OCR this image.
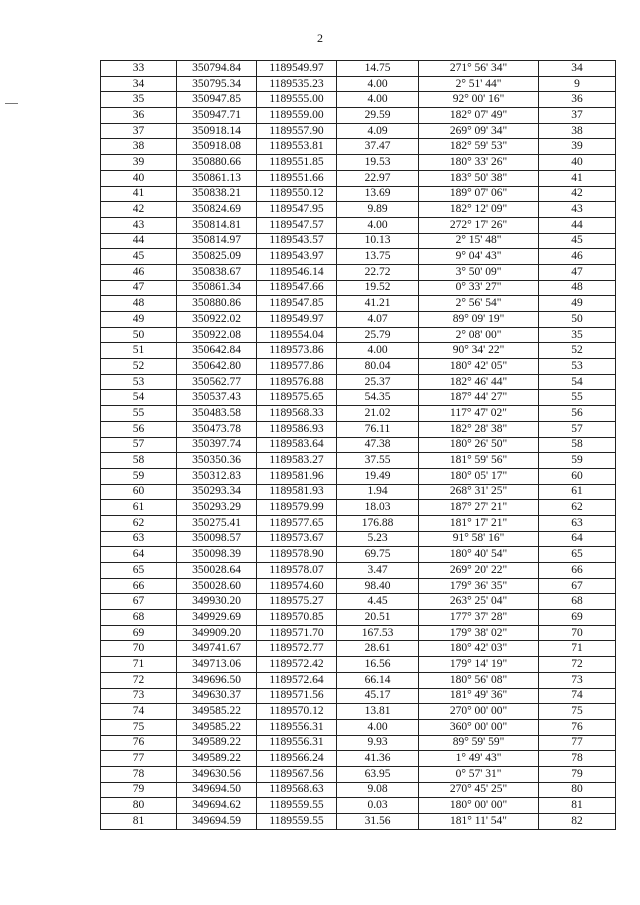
2
33	350794.84	1189549.97	14.75	271° 56' 34"	34
34	350795.34	1189535.23	4.00	2° 51' 44"	9
35	350947.85	1189555.00	4.00	92° 00' 16"	36
36	350947.71	1189559.00	29.59	182° 07' 49"	37
37	350918.14	1189557.90	4.09	269° 09' 34"	38
38	350918.08	1189553.81	37.47	182° 59' 53"	39
39	350880.66	1189551.85	19.53	180° 33' 26"	40
40	350861.13	1189551.66	22.97	183° 50' 38"	41
41	350838.21	1189550.12	13.69	189° 07' 06"	42
42	350824.69	1189547.95	9.89	182° 12' 09"	43
43	350814.81	1189547.57	4.00	272° 17' 26"	44
44	350814.97	1189543.57	10.13	2° 15' 48"	45
45	350825.09	1189543.97	13.75	9° 04' 43"	46
46	350838.67	1189546.14	22.72	3° 50' 09"	47
47	350861.34	1189547.66	19.52	0° 33' 27"	48
48	350880.86	1189547.85	41.21	2° 56' 54"	49
49	350922.02	1189549.97	4.07	89° 09' 19"	50
50	350922.08	1189554.04	25.79	2° 08' 00"	35
51	350642.84	1189573.86	4.00	90° 34' 22"	52
52	350642.80	1189577.86	80.04	180° 42' 05"	53
53	350562.77	1189576.88	25.37	182° 46' 44"	54
54	350537.43	1189575.65	54.35	187° 44' 27"	55
55	350483.58	1189568.33	21.02	117° 47' 02"	56
56	350473.78	1189586.93	76.11	182° 28' 38"	57
57	350397.74	1189583.64	47.38	180° 26' 50"	58
58	350350.36	1189583.27	37.55	181° 59' 56"	59
59	350312.83	1189581.96	19.49	180° 05' 17"	60
60	350293.34	1189581.93	1.94	268° 31' 25"	61
61	350293.29	1189579.99	18.03	187° 27' 21"	62
62	350275.41	1189577.65	176.88	181° 17' 21"	63
63	350098.57	1189573.67	5.23	91° 58' 16"	64
64	350098.39	1189578.90	69.75	180° 40' 54"	65
65	350028.64	1189578.07	3.47	269° 20' 22"	66
66	350028.60	1189574.60	98.40	179° 36' 35"	67
67	349930.20	1189575.27	4.45	263° 25' 04"	68
68	349929.69	1189570.85	20.51	177° 37' 28"	69
69	349909.20	1189571.70	167.53	179° 38' 02"	70
70	349741.67	1189572.77	28.61	180° 42' 03"	71
71	349713.06	1189572.42	16.56	179° 14' 19"	72
72	349696.50	1189572.64	66.14	180° 56' 08"	73
73	349630.37	1189571.56	45.17	181° 49' 36"	74
74	349585.22	1189570.12	13.81	270° 00' 00"	75
75	349585.22	1189556.31	4.00	360° 00' 00"	76
76	349589.22	1189556.31	9.93	89° 59' 59"	77
77	349589.22	1189566.24	41.36	1° 49' 43"	78
78	349630.56	1189567.56	63.95	0° 57' 31"	79
79	349694.50	1189568.63	9.08	270° 45' 25"	80
80	349694.62	1189559.55	0.03	180° 00' 00"	81
81	349694.59	1189559.55	31.56	181° 11' 54"	82
